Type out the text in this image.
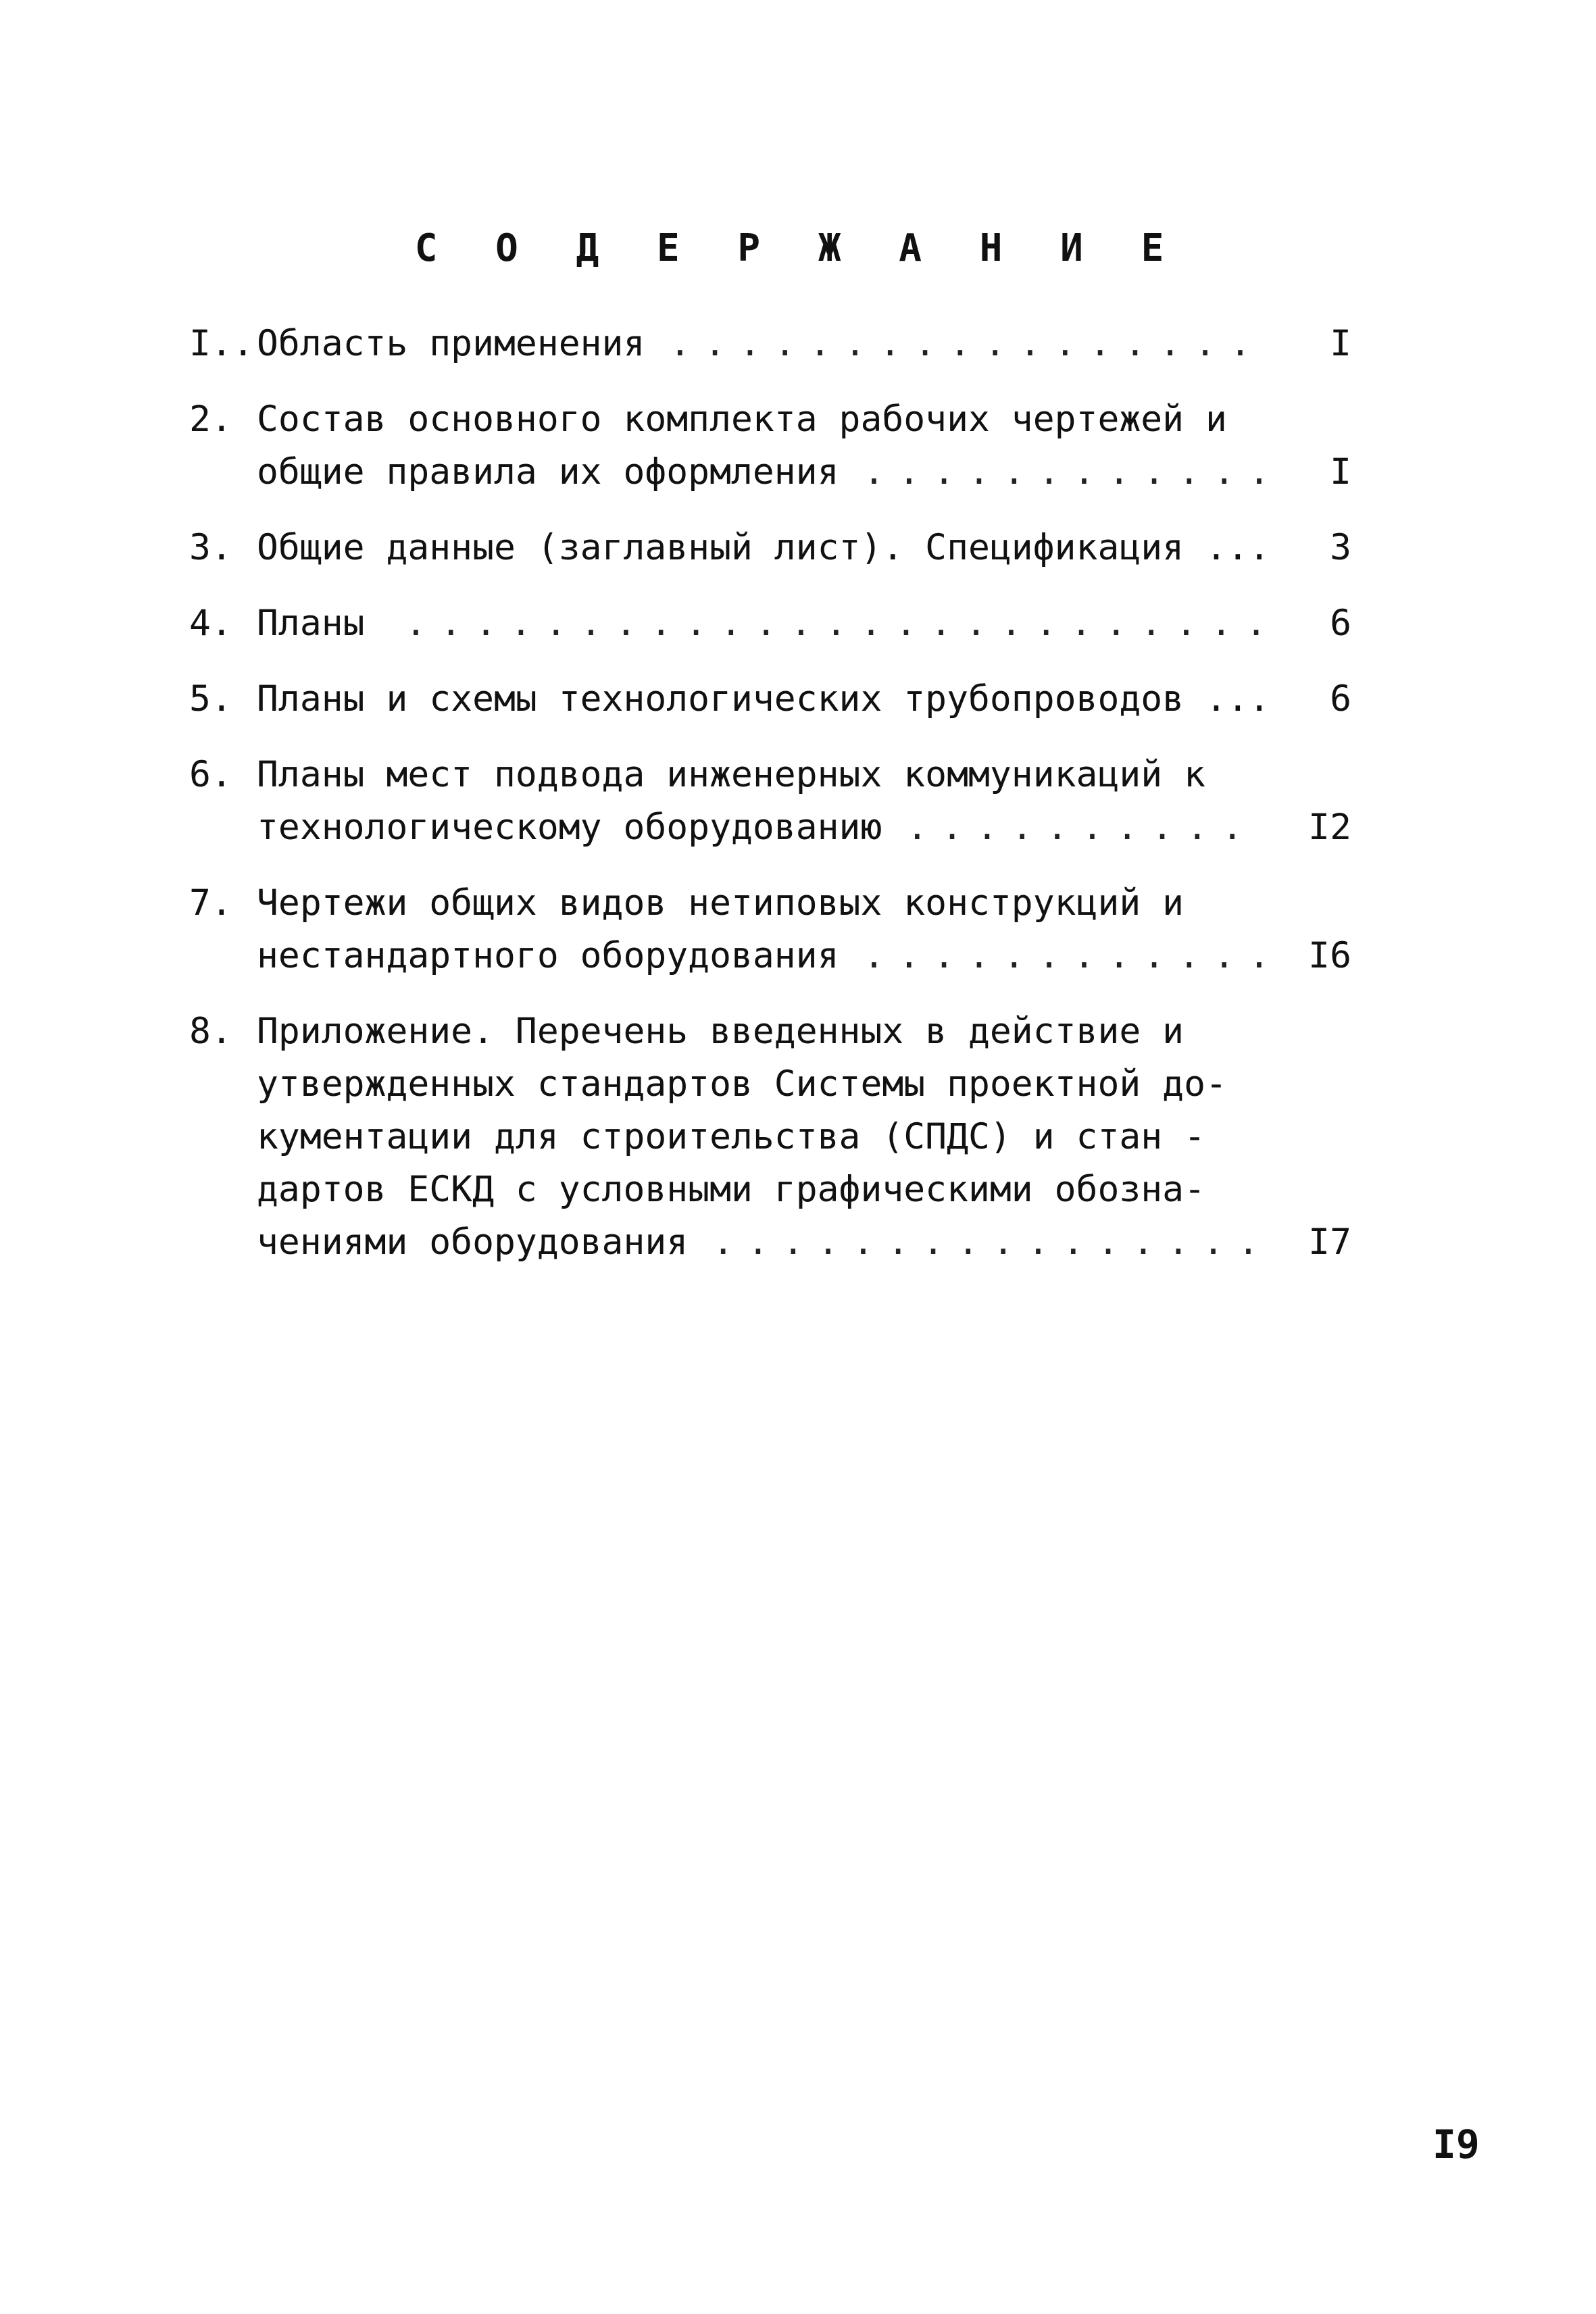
С О Д Е Р Ж А Н И Е
I.. Область применения . . .	I
2. Состав основного комплекта рабочих чертежей и
общие правила их оформления . . .	I
3. Общие данные (заглавный лист). Спецификация ...	3
4. Планы . . .	6
5. Планы и схемы технологических трубопроводов ...	6
6. Планы мест подвода инженерных коммуникаций к
технологическому оборудованию . . .	I2
7. Чертежи общих видов нетиповых конструкций и
нестандартного оборудования . . .	I6
8. Приложение. Перечень введенных в действие и
утвержденных стандартов Системы проектной до-
кументации для строительства (СПДС) и стан -
дартов ЕСКД с условными графическими обозна-
чениями оборудования . . .	I7
I9
